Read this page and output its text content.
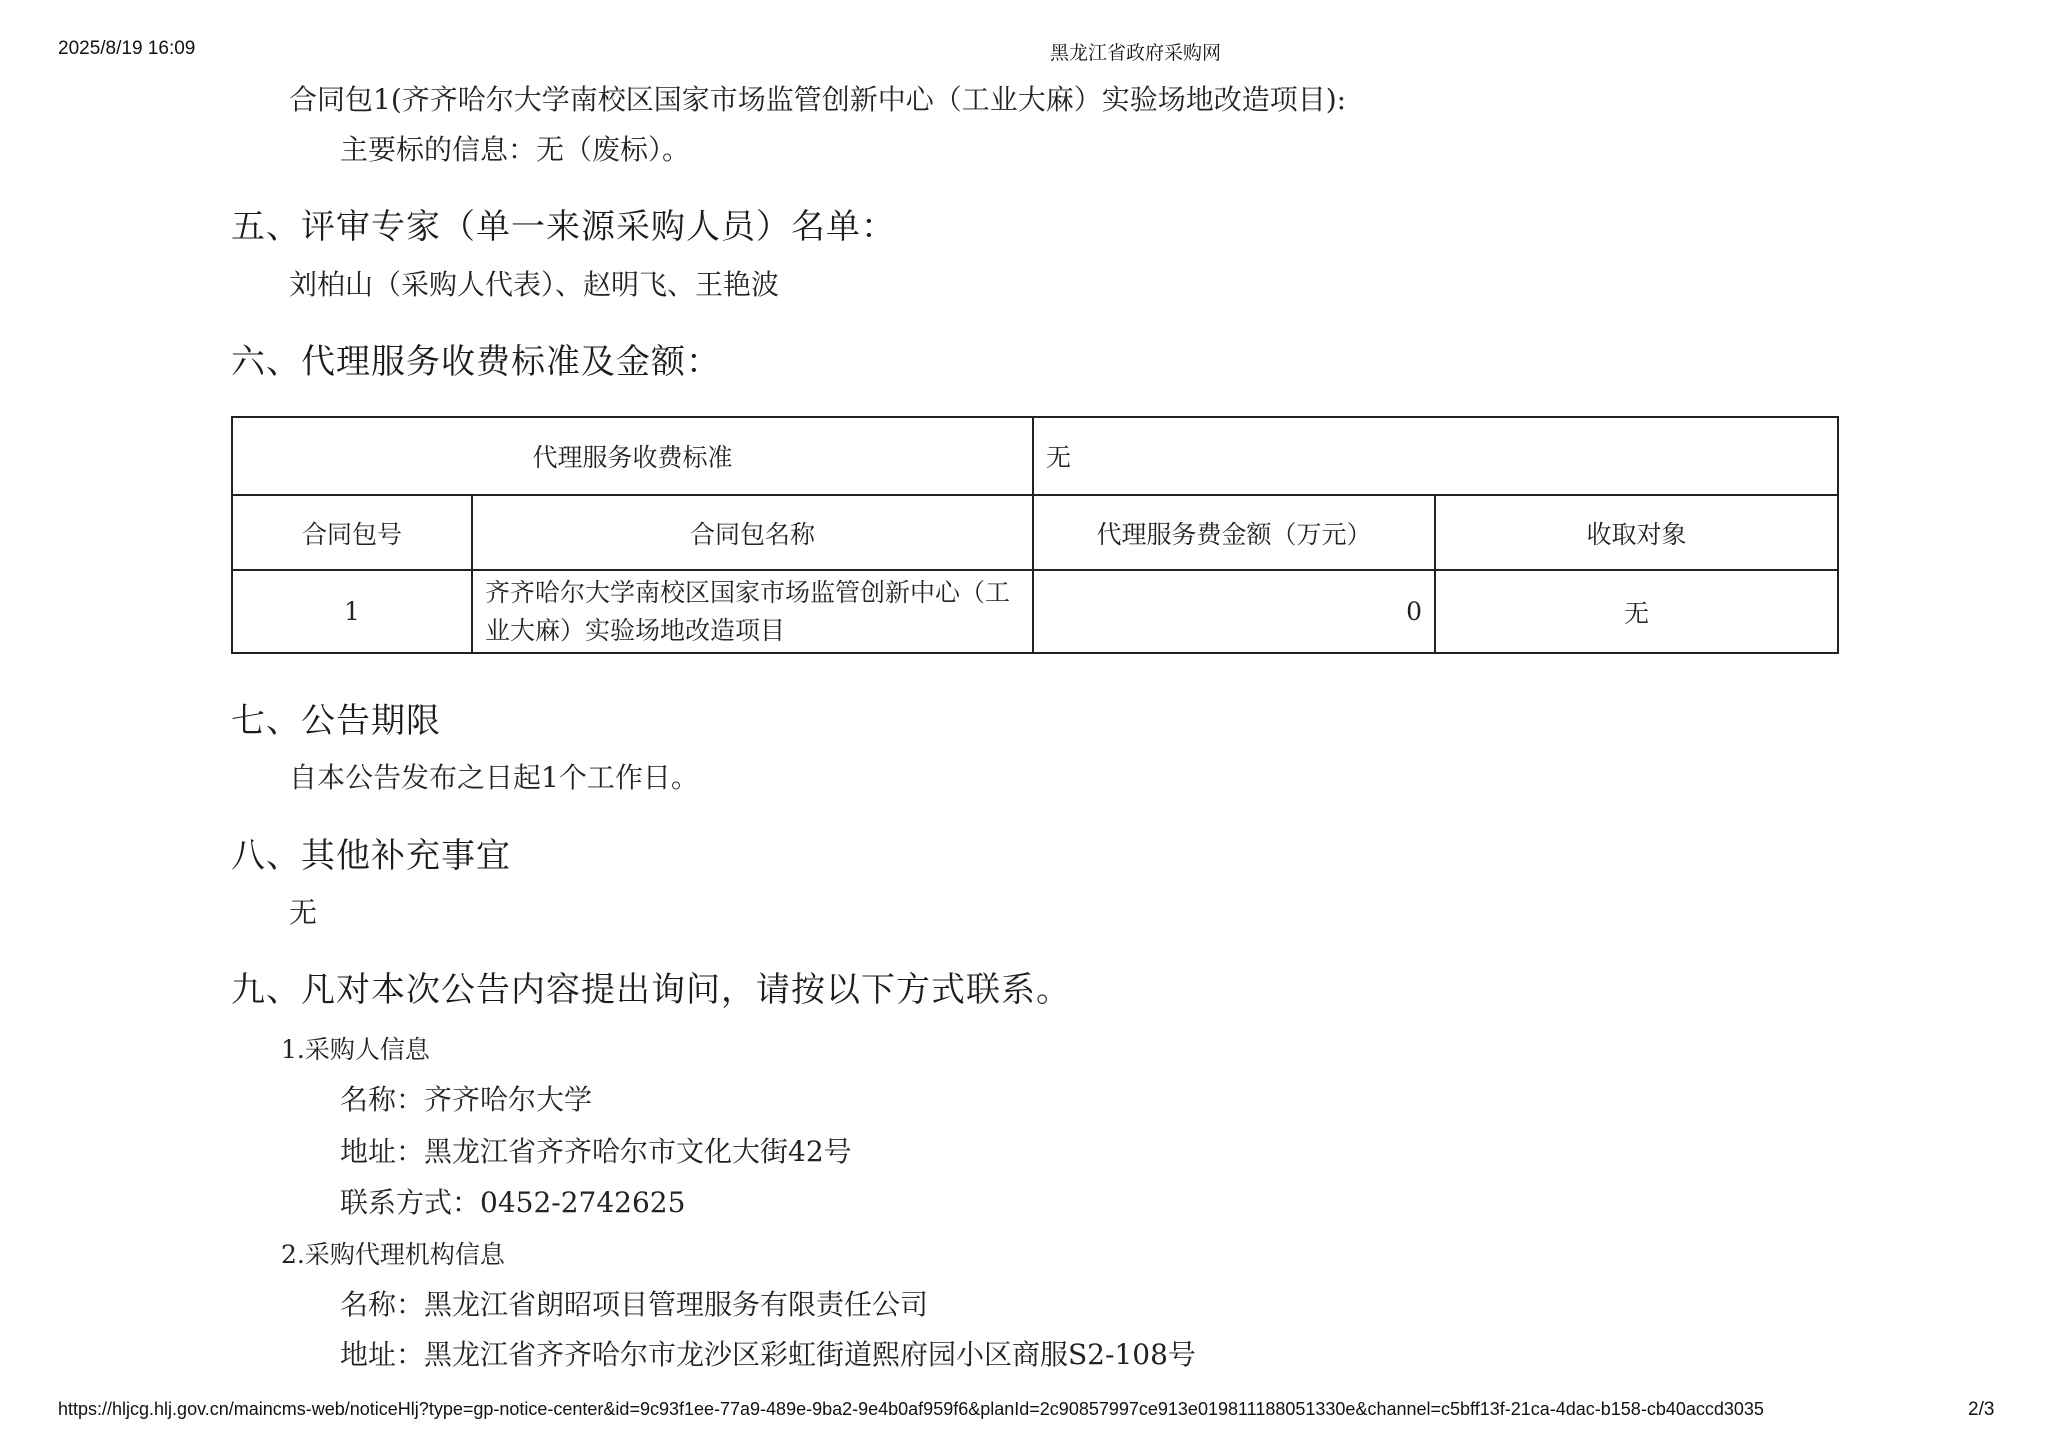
2025/8/19 16:09	黑龙江省政府采购网
合同包1(齐齐哈尔大学南校区国家市场监管创新中心（工业大麻）实验场地改造项目):
主要标的信息：无（废标）。
五、评审专家（单一来源采购人员）名单：
刘柏山（采购人代表）、赵明飞、王艳波
六、代理服务收费标准及金额：
代理服务收费标准		无	
合同包号	合同包名称	代理服务费金额（万元）	收取对象
1	齐齐哈尔大学南校区国家市场监管创新中心（工业大麻）实验场地改造项目	0	无
七、公告期限
自本公告发布之日起1个工作日。
八、其他补充事宜
无
九、凡对本次公告内容提出询问，请按以下方式联系。
1.采购人信息
名称：齐齐哈尔大学
地址：黑龙江省齐齐哈尔市文化大街42号
联系方式：0452-2742625
2.采购代理机构信息
名称：黑龙江省朗昭项目管理服务有限责任公司
地址：黑龙江省齐齐哈尔市龙沙区彩虹街道熙府园小区商服S2-108号
https://hljcg.hlj.gov.cn/maincms-web/noticeHlj?type=gp-notice-center&id=9c93f1ee-77a9-489e-9ba2-9e4b0af959f6&planId=2c90857997ce913e019811188051330e&channel=c5bff13f-21ca-4dac-b158-cb40accd3035	2/3
